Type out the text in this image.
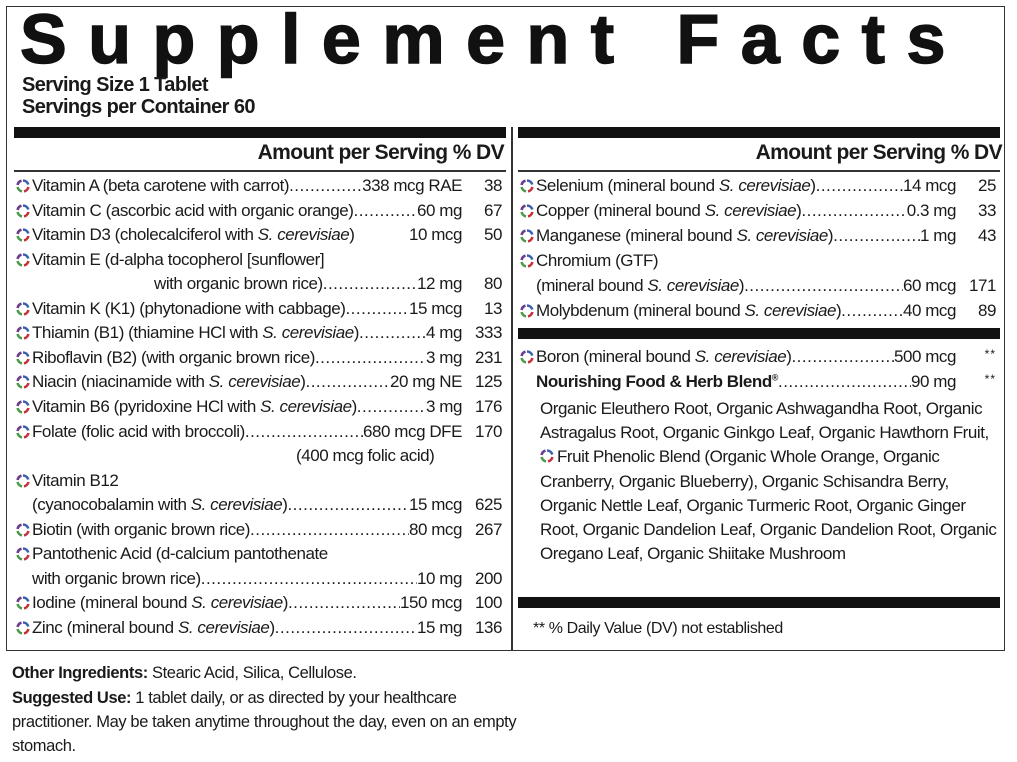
Supplement Facts
Serving Size 1 Tablet
Servings per Container 60
Amount per Serving % DV	Amount per Serving % DV
Vitamin A (beta carotene with carrot) .....	338 mcg RAE	38
Vitamin C (ascorbic acid with organic orange) .....	60 mg	67
Vitamin D3 (cholecalciferol with S. cerevisiae)	10 mcg	50
Vitamin E (d-alpha tocopherol [sunflower]
with organic brown rice) .....	12 mg	80
Vitamin K (K1) (phytonadione with cabbage) .....	15 mcg	13
Thiamin (B1) (thiamine HCl with S. cerevisiae) .....	4 mg 333
Riboflavin (B2) (with organic brown rice) .....	3 mg 231
Niacin (niacinamide with S. cerevisiae) .....	20 mg NE 125
Vitamin B6 (pyridoxine HCl with S. cerevisiae) .....	3 mg 176
Folate (folic acid with broccoli) .....	680 mcg DFE 170
(400 mcg folic acid)
Vitamin B12
(cyanocobalamin with S. cerevisiae) .....	15 mcg 625
Biotin (with organic brown rice) .....	80 mcg 267
Pantothenic Acid (d-calcium pantothenate
with organic brown rice) .....	10 mg 200
Iodine (mineral bound S. cerevisiae) .....	150 mcg 100
Zinc (mineral bound S. cerevisiae) .....	15 mg 136
Selenium (mineral bound S. cerevisiae) .....	14 mcg	25
Copper (mineral bound S. cerevisiae) .....	0.3 mg	33
Manganese (mineral bound S. cerevisiae) .....	1 mg	43
Chromium (GTF)
(mineral bound S. cerevisiae) .....	60 mcg 171
Molybdenum (mineral bound S. cerevisiae) .....	40 mcg	89
Boron (mineral bound S. cerevisiae) .....	500 mcg	**
Nourishing Food & Herb Blend® .....	90 mg	**
Organic Eleuthero Root, Organic Ashwagandha Root, Organic Astragalus Root, Organic Ginkgo Leaf, Organic Hawthorn Fruit, Fruit Phenolic Blend (Organic Whole Orange, Organic Cranberry, Organic Blueberry), Organic Schisandra Berry, Organic Nettle Leaf, Organic Turmeric Root, Organic Ginger Root, Organic Dandelion Leaf, Organic Dandelion Root, Organic Oregano Leaf, Organic Shiitake Mushroom
** % Daily Value (DV) not established
Other Ingredients: Stearic Acid, Silica, Cellulose.
Suggested Use: 1 tablet daily, or as directed by your healthcare practitioner. May be taken anytime throughout the day, even on an empty stomach.
